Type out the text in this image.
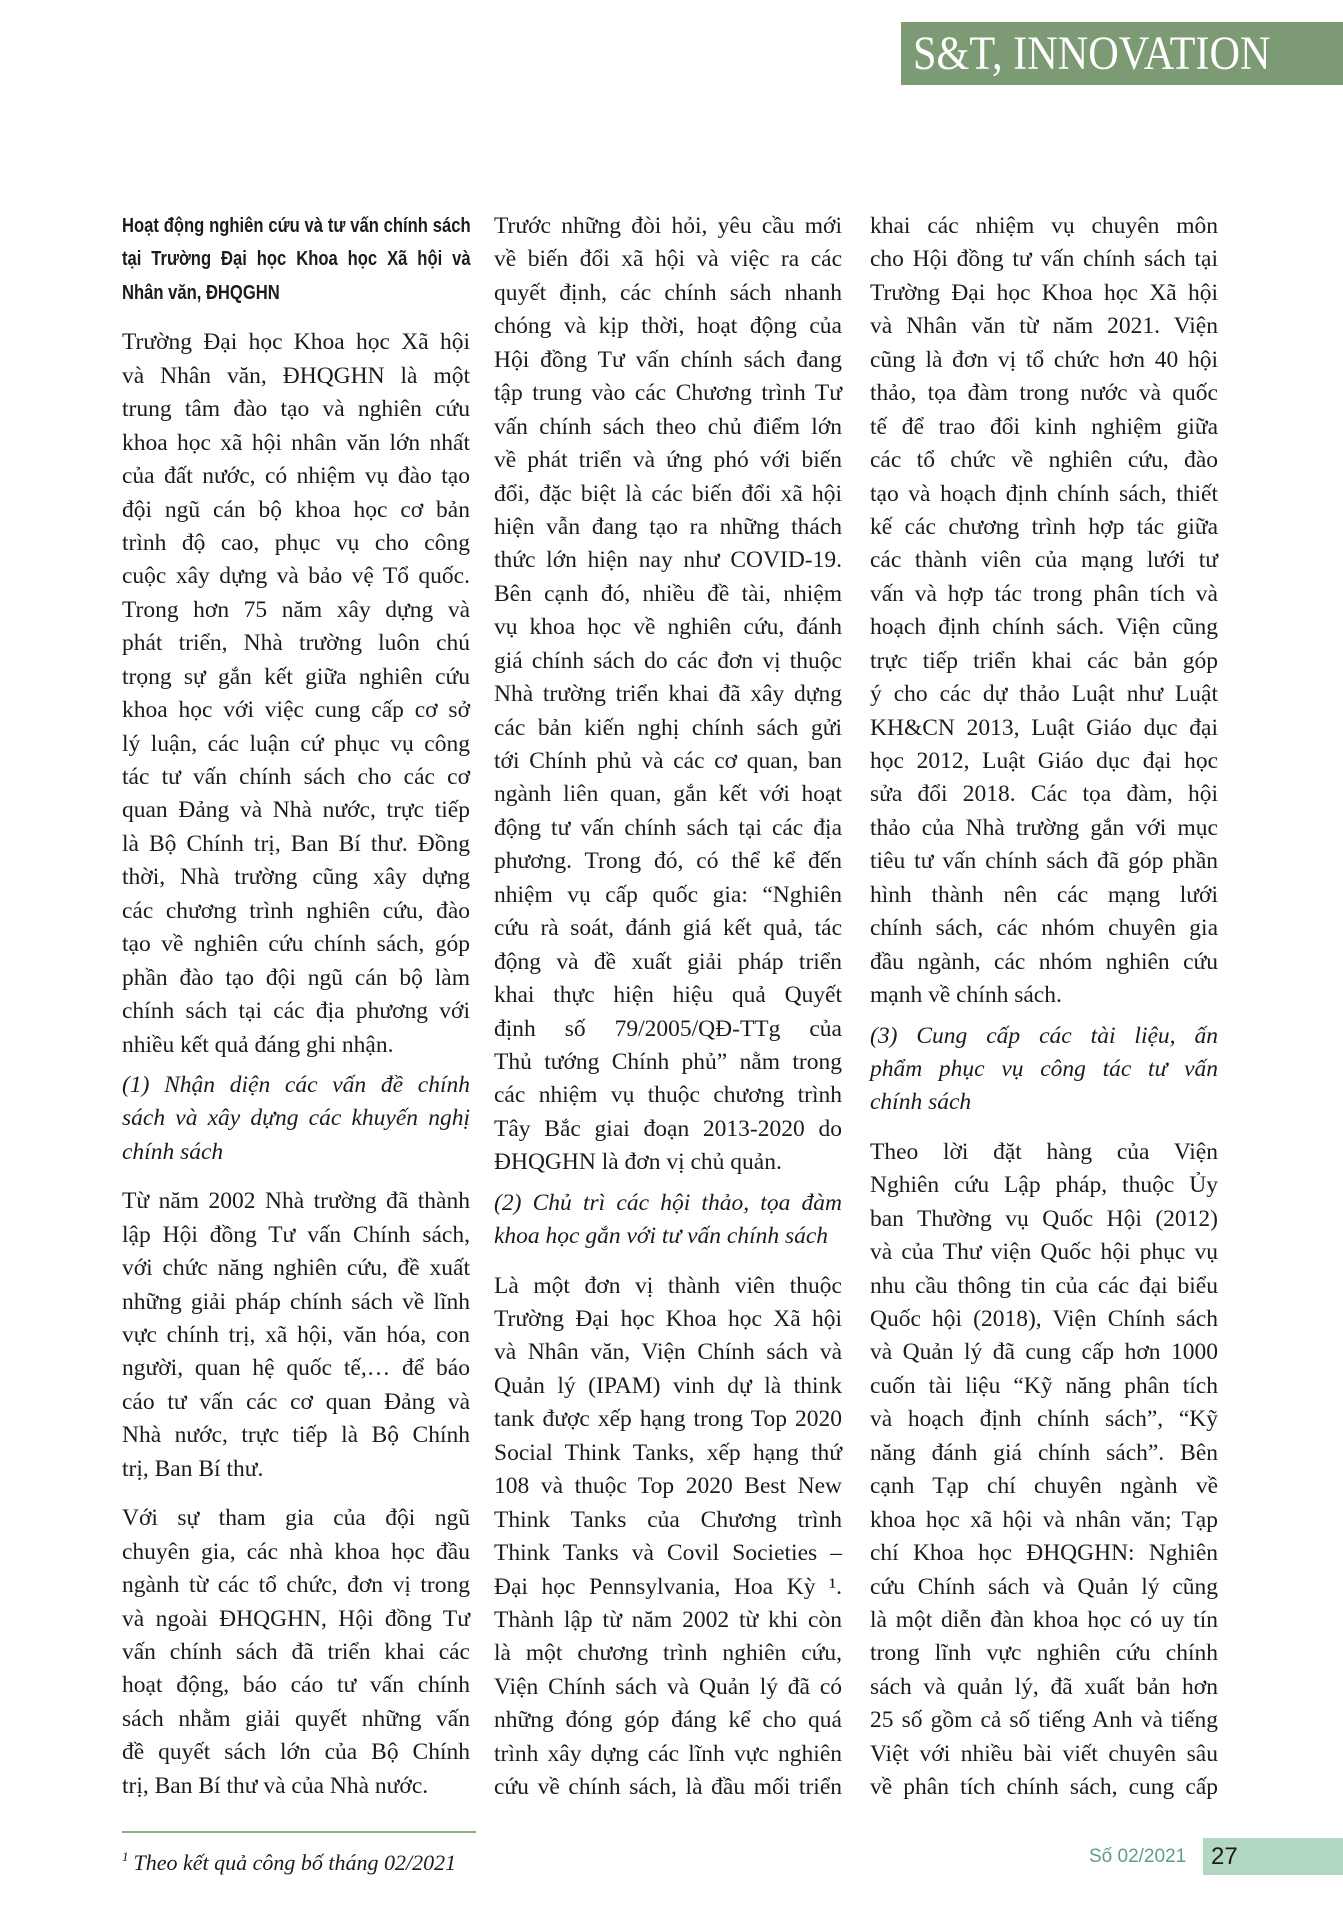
S&T, INNOVATION
Hoạt động nghiên cứu và tư vấn chính sách
tại Trường Đại học Khoa học Xã hội và
Nhân văn, ĐHQGHN
Trường Đại học Khoa học Xã hội
và Nhân văn, ĐHQGHN là một
trung tâm đào tạo và nghiên cứu
khoa học xã hội nhân văn lớn nhất
của đất nước, có nhiệm vụ đào tạo
đội ngũ cán bộ khoa học cơ bản
trình độ cao, phục vụ cho công
cuộc xây dựng và bảo vệ Tổ quốc.
Trong hơn 75 năm xây dựng và
phát triển, Nhà trường luôn chú
trọng sự gắn kết giữa nghiên cứu
khoa học với việc cung cấp cơ sở
lý luận, các luận cứ phục vụ công
tác tư vấn chính sách cho các cơ
quan Đảng và Nhà nước, trực tiếp
là Bộ Chính trị, Ban Bí thư. Đồng
thời, Nhà trường cũng xây dựng
các chương trình nghiên cứu, đào
tạo về nghiên cứu chính sách, góp
phần đào tạo đội ngũ cán bộ làm
chính sách tại các địa phương với
nhiều kết quả đáng ghi nhận.
(1) Nhận diện các vấn đề chính
sách và xây dựng các khuyến nghị
chính sách
Từ năm 2002 Nhà trường đã thành
lập Hội đồng Tư vấn Chính sách,
với chức năng nghiên cứu, đề xuất
những giải pháp chính sách về lĩnh
vực chính trị, xã hội, văn hóa, con
người, quan hệ quốc tế,… để báo
cáo tư vấn các cơ quan Đảng và
Nhà nước, trực tiếp là Bộ Chính
trị, Ban Bí thư.
Với sự tham gia của đội ngũ
chuyên gia, các nhà khoa học đầu
ngành từ các tổ chức, đơn vị trong
và ngoài ĐHQGHN, Hội đồng Tư
vấn chính sách đã triển khai các
hoạt động, báo cáo tư vấn chính
sách nhằm giải quyết những vấn
đề quyết sách lớn của Bộ Chính
trị, Ban Bí thư và của Nhà nước.
Trước những đòi hỏi, yêu cầu mới
về biến đổi xã hội và việc ra các
quyết định, các chính sách nhanh
chóng và kịp thời, hoạt động của
Hội đồng Tư vấn chính sách đang
tập trung vào các Chương trình Tư
vấn chính sách theo chủ điểm lớn
về phát triển và ứng phó với biến
đổi, đặc biệt là các biến đổi xã hội
hiện vẫn đang tạo ra những thách
thức lớn hiện nay như COVID-19.
Bên cạnh đó, nhiều đề tài, nhiệm
vụ khoa học về nghiên cứu, đánh
giá chính sách do các đơn vị thuộc
Nhà trường triển khai đã xây dựng
các bản kiến nghị chính sách gửi
tới Chính phủ và các cơ quan, ban
ngành liên quan, gắn kết với hoạt
động tư vấn chính sách tại các địa
phương. Trong đó, có thể kể đến
nhiệm vụ cấp quốc gia: “Nghiên
cứu rà soát, đánh giá kết quả, tác
động và đề xuất giải pháp triển
khai thực hiện hiệu quả Quyết
định số 79/2005/QĐ-TTg của
Thủ tướng Chính phủ” nằm trong
các nhiệm vụ thuộc chương trình
Tây Bắc giai đoạn 2013-2020 do
ĐHQGHN là đơn vị chủ quản.
(2) Chủ trì các hội thảo, tọa đàm
khoa học gắn với tư vấn chính sách
Là một đơn vị thành viên thuộc
Trường Đại học Khoa học Xã hội
và Nhân văn, Viện Chính sách và
Quản lý (IPAM) vinh dự là think
tank được xếp hạng trong Top 2020
Social Think Tanks, xếp hạng thứ
108 và thuộc Top 2020 Best New
Think Tanks của Chương trình
Think Tanks và Covil Societies –
Đại học Pennsylvania, Hoa Kỳ ¹.
Thành lập từ năm 2002 từ khi còn
là một chương trình nghiên cứu,
Viện Chính sách và Quản lý đã có
những đóng góp đáng kể cho quá
trình xây dựng các lĩnh vực nghiên
cứu về chính sách, là đầu mối triển
khai các nhiệm vụ chuyên môn
cho Hội đồng tư vấn chính sách tại
Trường Đại học Khoa học Xã hội
và Nhân văn từ năm 2021. Viện
cũng là đơn vị tổ chức hơn 40 hội
thảo, tọa đàm trong nước và quốc
tế để trao đổi kinh nghiệm giữa
các tổ chức về nghiên cứu, đào
tạo và hoạch định chính sách, thiết
kế các chương trình hợp tác giữa
các thành viên của mạng lưới tư
vấn và hợp tác trong phân tích và
hoạch định chính sách. Viện cũng
trực tiếp triển khai các bản góp
ý cho các dự thảo Luật như Luật
KH&CN 2013, Luật Giáo dục đại
học 2012, Luật Giáo dục đại học
sửa đổi 2018. Các tọa đàm, hội
thảo của Nhà trường gắn với mục
tiêu tư vấn chính sách đã góp phần
hình thành nên các mạng lưới
chính sách, các nhóm chuyên gia
đầu ngành, các nhóm nghiên cứu
mạnh về chính sách.
(3) Cung cấp các tài liệu, ấn
phẩm phục vụ công tác tư vấn
chính sách
Theo lời đặt hàng của Viện
Nghiên cứu Lập pháp, thuộc Ủy
ban Thường vụ Quốc Hội (2012)
và của Thư viện Quốc hội phục vụ
nhu cầu thông tin của các đại biểu
Quốc hội (2018), Viện Chính sách
và Quản lý đã cung cấp hơn 1000
cuốn tài liệu “Kỹ năng phân tích
và hoạch định chính sách”, “Kỹ
năng đánh giá chính sách”. Bên
cạnh Tạp chí chuyên ngành về
khoa học xã hội và nhân văn; Tạp
chí Khoa học ĐHQGHN: Nghiên
cứu Chính sách và Quản lý cũng
là một diễn đàn khoa học có uy tín
trong lĩnh vực nghiên cứu chính
sách và quản lý, đã xuất bản hơn
25 số gồm cả số tiếng Anh và tiếng
Việt với nhiều bài viết chuyên sâu
về phân tích chính sách, cung cấp
$^1$ Theo kết quả công bố tháng 02/2021	Số 02/2021 27
